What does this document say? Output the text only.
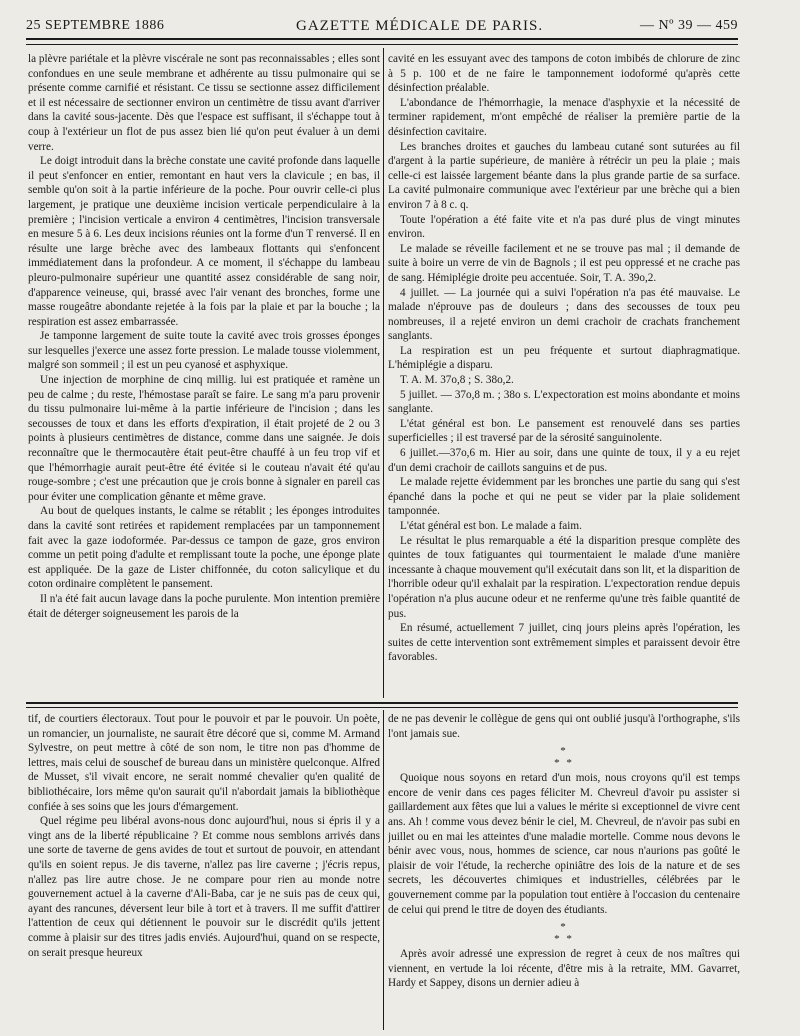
25 SEPTEMBRE 1886	GAZETTE MÉDICALE DE PARIS.	— Nº 39 — 459

la plèvre pariétale et la plèvre viscérale ne sont pas reconnaissables ; elles sont confondues en une seule membrane et adhérente au tissu pulmonaire qui se présente comme carnifié et résistant. Ce tissu se sectionne assez difficilement et il est nécessaire de sectionner environ un centimètre de tissu avant d'arriver dans la cavité sous-jacente. Dès que l'espace est suffisant, il s'échappe tout à coup à l'extérieur un flot de pus assez bien lié qu'on peut évaluer à un demi verre.

Le doigt introduit dans la brèche constate une cavité profonde dans laquelle il peut s'enfoncer en entier, remontant en haut vers la clavicule ; en bas, il semble qu'on soit à la partie inférieure de la poche. Pour ouvrir celle-ci plus largement, je pratique une deuxième incision verticale perpendiculaire à la première ; l'incision verticale a environ 4 centimètres, l'incision transversale en mesure 5 à 6. Les deux incisions réunies ont la forme d'un T renversé. Il en résulte une large brèche avec des lambeaux flottants qui s'enfoncent immédiatement dans la profondeur. A ce moment, il s'échappe du lambeau pleuro-pulmonaire supérieur une quantité assez considérable de sang noir, d'apparence veineuse, qui, brassé avec l'air venant des bronches, forme une masse rougeâtre abondante rejetée à la fois par la plaie et par la bouche ; la respiration est assez embarrassée.

Je tamponne largement de suite toute la cavité avec trois grosses éponges sur lesquelles j'exerce une assez forte pression. Le malade tousse violemment, malgré son sommeil ; il est un peu cyanosé et asphyxique.

Une injection de morphine de cinq millig. lui est pratiquée et ramène un peu de calme ; du reste, l'hémostase paraît se faire. Le sang m'a paru provenir du tissu pulmonaire lui-même à la partie inférieure de l'incision ; dans les secousses de toux et dans les efforts d'expiration, il était projeté de 2 ou 3 points à plusieurs centimètres de distance, comme dans une saignée. Je dois reconnaître que le thermocautère était peut-être chauffé à un feu trop vif et que l'hémorrhagie aurait peut-être été évitée si le couteau n'avait été qu'au rouge-sombre ; c'est une précaution que je crois bonne à signaler en pareil cas pour éviter une complication gênante et même grave.

Au bout de quelques instants, le calme se rétablit ; les éponges introduites dans la cavité sont retirées et rapidement remplacées par un tamponnement fait avec la gaze iodoformée. Par-dessus ce tampon de gaze, gros environ comme un petit poing d'adulte et remplissant toute la poche, une éponge plate est appliquée. De la gaze de Lister chiffonnée, du coton salicylique et du coton ordinaire complètent le pansement.

Il n'a été fait aucun lavage dans la poche purulente. Mon intention première était de déterger soigneusement les parois de la

cavité en les essuyant avec des tampons de coton imbibés de chlorure de zinc à 5 p. 100 et de ne faire le tamponnement iodoformé qu'après cette désinfection préalable.

L'abondance de l'hémorrhagie, la menace d'asphyxie et la nécessité de terminer rapidement, m'ont empêché de réaliser la première partie de la désinfection cavitaire.

Les branches droites et gauches du lambeau cutané sont suturées au fil d'argent à la partie supérieure, de manière à rétrécir un peu la plaie ; mais celle-ci est laissée largement béante dans la plus grande partie de sa surface. La cavité pulmonaire communique avec l'extérieur par une brèche qui a bien environ 7 à 8 c. q.

Toute l'opération a été faite vite et n'a pas duré plus de vingt minutes environ.

Le malade se réveille facilement et ne se trouve pas mal ; il demande de suite à boire un verre de vin de Bagnols ; il est peu oppressé et ne crache pas de sang. Hémiplégie droite peu accentuée. Soir, T. A. 39o,2.

4 juillet. — La journée qui a suivi l'opération n'a pas été mauvaise. Le malade n'éprouve pas de douleurs ; dans des secousses de toux peu nombreuses, il a rejeté environ un demi crachoir de crachats franchement sanglants.

La respiration est un peu fréquente et surtout diaphragmatique. L'hémiplégie a disparu.

T. A. M. 37o,8 ; S. 38o,2.

5 juillet. — 37o,8 m. ; 38o s. L'expectoration est moins abondante et moins sanglante.

L'état général est bon. Le pansement est renouvelé dans ses parties superficielles ; il est traversé par de la sérosité sanguinolente.

6 juillet.—37o,6 m. Hier au soir, dans une quinte de toux, il y a eu rejet d'un demi crachoir de caillots sanguins et de pus.

Le malade rejette évidemment par les bronches une partie du sang qui s'est épanché dans la poche et qui ne peut se vider par la plaie solidement tamponnée.

L'état général est bon. Le malade a faim.

Le résultat le plus remarquable a été la disparition presque complète des quintes de toux fatiguantes qui tourmentaient le malade d'une manière incessante à chaque mouvement qu'il exécutait dans son lit, et la disparition de l'horrible odeur qu'il exhalait par la respiration. L'expectoration rendue depuis l'opération n'a plus aucune odeur et ne renferme qu'une très faible quantité de pus.

En résumé, actuellement 7 juillet, cinq jours pleins après l'opération, les suites de cette intervention sont extrêmement simples et paraissent devoir être favorables.

tif, de courtiers électoraux. Tout pour le pouvoir et par le pouvoir. Un poète, un romancier, un journaliste, ne saurait être décoré que si, comme M. Armand Sylvestre, on peut mettre à côté de son nom, le titre non pas d'homme de lettres, mais celui de souschef de bureau dans un ministère quelconque. Alfred de Musset, s'il vivait encore, ne serait nommé chevalier qu'en qualité de bibliothécaire, lors même qu'on saurait qu'il n'abordait jamais la bibliothèque confiée à ses soins que les jours d'émargement.

Quel régime peu libéral avons-nous donc aujourd'hui, nous si épris il y a vingt ans de la liberté républicaine ? Et comme nous semblons arrivés dans une sorte de taverne de gens avides de tout et surtout de pouvoir, en attendant qu'ils en soient repus. Je dis taverne, n'allez pas lire caverne ; j'écris repus, n'allez pas lire autre chose. Je ne compare pour rien au monde notre gouvernement actuel à la caverne d'Ali-Baba, car je ne suis pas de ceux qui, ayant des rancunes, déversent leur bile à tort et à travers. Il me suffit d'attirer l'attention de ceux qui détiennent le pouvoir sur le discrédit qu'ils jettent comme à plaisir sur des titres jadis enviés. Aujourd'hui, quand on se respecte, on serait presque heureux

de ne pas devenir le collègue de gens qui ont oublié jusqu'à l'orthographe, s'ils l'ont jamais sue.

*
* *

Quoique nous soyons en retard d'un mois, nous croyons qu'il est temps encore de venir dans ces pages féliciter M. Chevreul d'avoir pu assister si gaillardement aux fêtes que lui a values le mérite si exceptionnel de vivre cent ans. Ah ! comme vous devez bénir le ciel, M. Chevreul, de n'avoir pas subi en juillet ou en mai les atteintes d'une maladie mortelle. Comme nous devons le bénir avec vous, nous, hommes de science, car nous n'aurions pas goûté le plaisir de voir l'étude, la recherche opiniâtre des lois de la nature et de ses secrets, les découvertes chimiques et industrielles, célébrées par le gouvernement comme par la population tout entière à l'occasion du centenaire de celui qui prend le titre de doyen des étudiants.

*
* *

Après avoir adressé une expression de regret à ceux de nos maîtres qui viennent, en vertude la loi récente, d'être mis à la retraite, MM. Gavarret, Hardy et Sappey, disons un dernier adieu à
